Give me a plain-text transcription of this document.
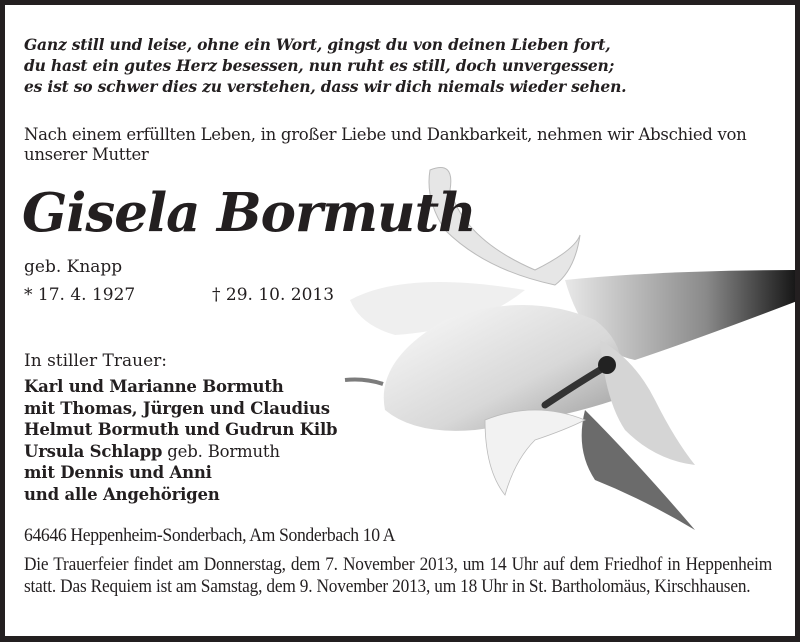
Ganz still und leise, ohne ein Wort, gingst du von deinen Lieben fort,
du hast ein gutes Herz besessen, nun ruht es still, doch unvergessen;
es ist so schwer dies zu verstehen, dass wir dich niemals wieder sehen.
Nach einem erfüllten Leben, in großer Liebe und Dankbarkeit, nehmen wir Abschied von unserer Mutter
Gisela Bormuth
geb. Knapp
* 17. 4. 1927	† 29. 10. 2013
In stiller Trauer:
Karl und Marianne Bormuth
mit Thomas, Jürgen und Claudius
Helmut Bormuth und Gudrun Kilb
Ursula Schlapp geb. Bormuth
mit Dennis und Anni
und alle Angehörigen
64646 Heppenheim-Sonderbach, Am Sonderbach 10 A
Die Trauerfeier findet am Donnerstag, dem 7. November 2013, um 14 Uhr auf dem Friedhof in Heppenheim statt. Das Requiem ist am Samstag, dem 9. November 2013, um 18 Uhr in St. Bartholomäus, Kirschhausen.
